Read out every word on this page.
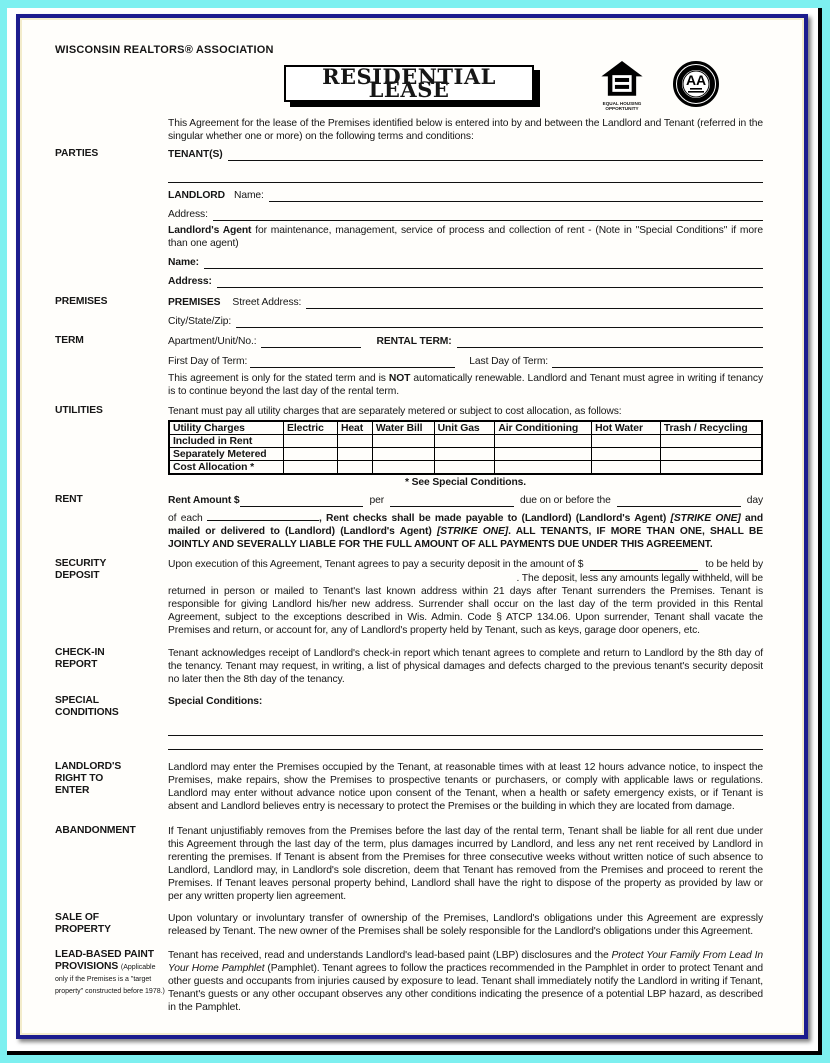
WISCONSIN REALTORS® ASSOCIATION
RESIDENTIAL LEASE
EQUAL HOUSING
OPPORTUNITY
AA

This Agreement for the lease of the Premises identified below is entered into by and between the Landlord and Tenant (referred in the singular whether one or more) on the following terms and conditions:

PARTIES	TENANT(S)
LANDLORD Name:
Address:

Landlord's Agent for maintenance, management, service of process and collection of rent - (Note in "Special Conditions" if more than one agent)

Name:
Address:
PREMISES	PREMISES Street Address:
City/State/Zip:
TERM	Apartment/Unit/No.:	RENTAL TERM:
First Day of Term:	Last Day of Term:

This agreement is only for the stated term and is NOT automatically renewable. Landlord and Tenant must agree in writing if tenancy is to continue beyond the last day of the rental term.

UTILITIES	Tenant must pay all utility charges that are separately metered or subject to cost allocation, as follows:
Utility Charges	Electric	Heat	Water Bill	Unit Gas	Air Conditioning	Hot Water	Trash / Recycling
Included in Rent							
Separately Metered							
Cost Allocation *							
* See Special Conditions.
RENT	Rent Amount $	per	due on or before the	day

of each	, Rent checks shall be made payable to (Landlord) (Landlord's Agent) [STRIKE ONE] and mailed or delivered to (Landlord) (Landlord's Agent) [STRIKE ONE]. ALL TENANTS, IF MORE THAN ONE, SHALL BE JOINTLY AND SEVERALLY LIABLE FOR THE FULL AMOUNT OF ALL PAYMENTS DUE UNDER THIS AGREEMENT.

SECURITY
DEPOSIT
Upon execution of this Agreement, Tenant agrees to pay a security deposit in the amount of $	to be held by
. The deposit, less any amounts legally withheld, will be

returned in person or mailed to Tenant's last known address within 21 days after Tenant surrenders the Premises. Tenant is responsible for giving Landlord his/her new address. Surrender shall occur on the last day of the term provided in this Rental Agreement, subject to the exceptions described in Wis. Admin. Code § ATCP 134.06. Upon surrender, Tenant shall vacate the Premises and return, or account for, any of Landlord's property held by Tenant, such as keys, garage door openers, etc.

CHECK-IN
REPORT

Tenant acknowledges receipt of Landlord's check-in report which tenant agrees to complete and return to Landlord by the 8th day of the tenancy. Tenant may request, in writing, a list of physical damages and defects charged to the previous tenant's security deposit no later then the 8th day of the tenancy.

SPECIAL
CONDITIONS
Special Conditions:
LANDLORD'S
RIGHT TO
ENTER

Landlord may enter the Premises occupied by the Tenant, at reasonable times with at least 12 hours advance notice, to inspect the Premises, make repairs, show the Premises to prospective tenants or purchasers, or comply with applicable laws or regulations. Landlord may enter without advance notice upon consent of the Tenant, when a health or safety emergency exists, or if Tenant is absent and Landlord believes entry is necessary to protect the Premises or the building in which they are located from damage.

ABANDONMENT	If Tenant unjustifiably removes from the Premises before the last day of the rental term, Tenant shall be liable for all rent due under this Agreement through the last day of the term, plus damages incurred by Landlord, and less any net rent received by Landlord in rerenting the premises. If Tenant is absent from the Premises for three consecutive weeks without written notice of such absence to Landlord, Landlord may, in Landlord's sole discretion, deem that Tenant has removed from the Premises and proceed to rerent the Premises. If Tenant leaves personal property behind, Landlord shall have the right to dispose of the property as provided by law or per any written property lien agreement.

SALE OF
PROPERTY

Upon voluntary or involuntary transfer of ownership of the Premises, Landlord's obligations under this Agreement are expressly released by Tenant. The new owner of the Premises shall be solely responsible for the Landlord's obligations under this Agreement.

LEAD-BASED PAINT
PROVISIONS (Applicable only if the Premises is a "target property" constructed before 1978.)

Tenant has received, read and understands Landlord's lead-based paint (LBP) disclosures and the Protect Your Family From Lead In Your Home Pamphlet (Pamphlet). Tenant agrees to follow the practices recommended in the Pamphlet in order to protect Tenant and other guests and occupants from injuries caused by exposure to lead. Tenant shall immediately notify the Landlord in writing if Tenant, Tenant's guests or any other occupant observes any other conditions indicating the presence of a potential LBP hazard, as described in the Pamphlet.
